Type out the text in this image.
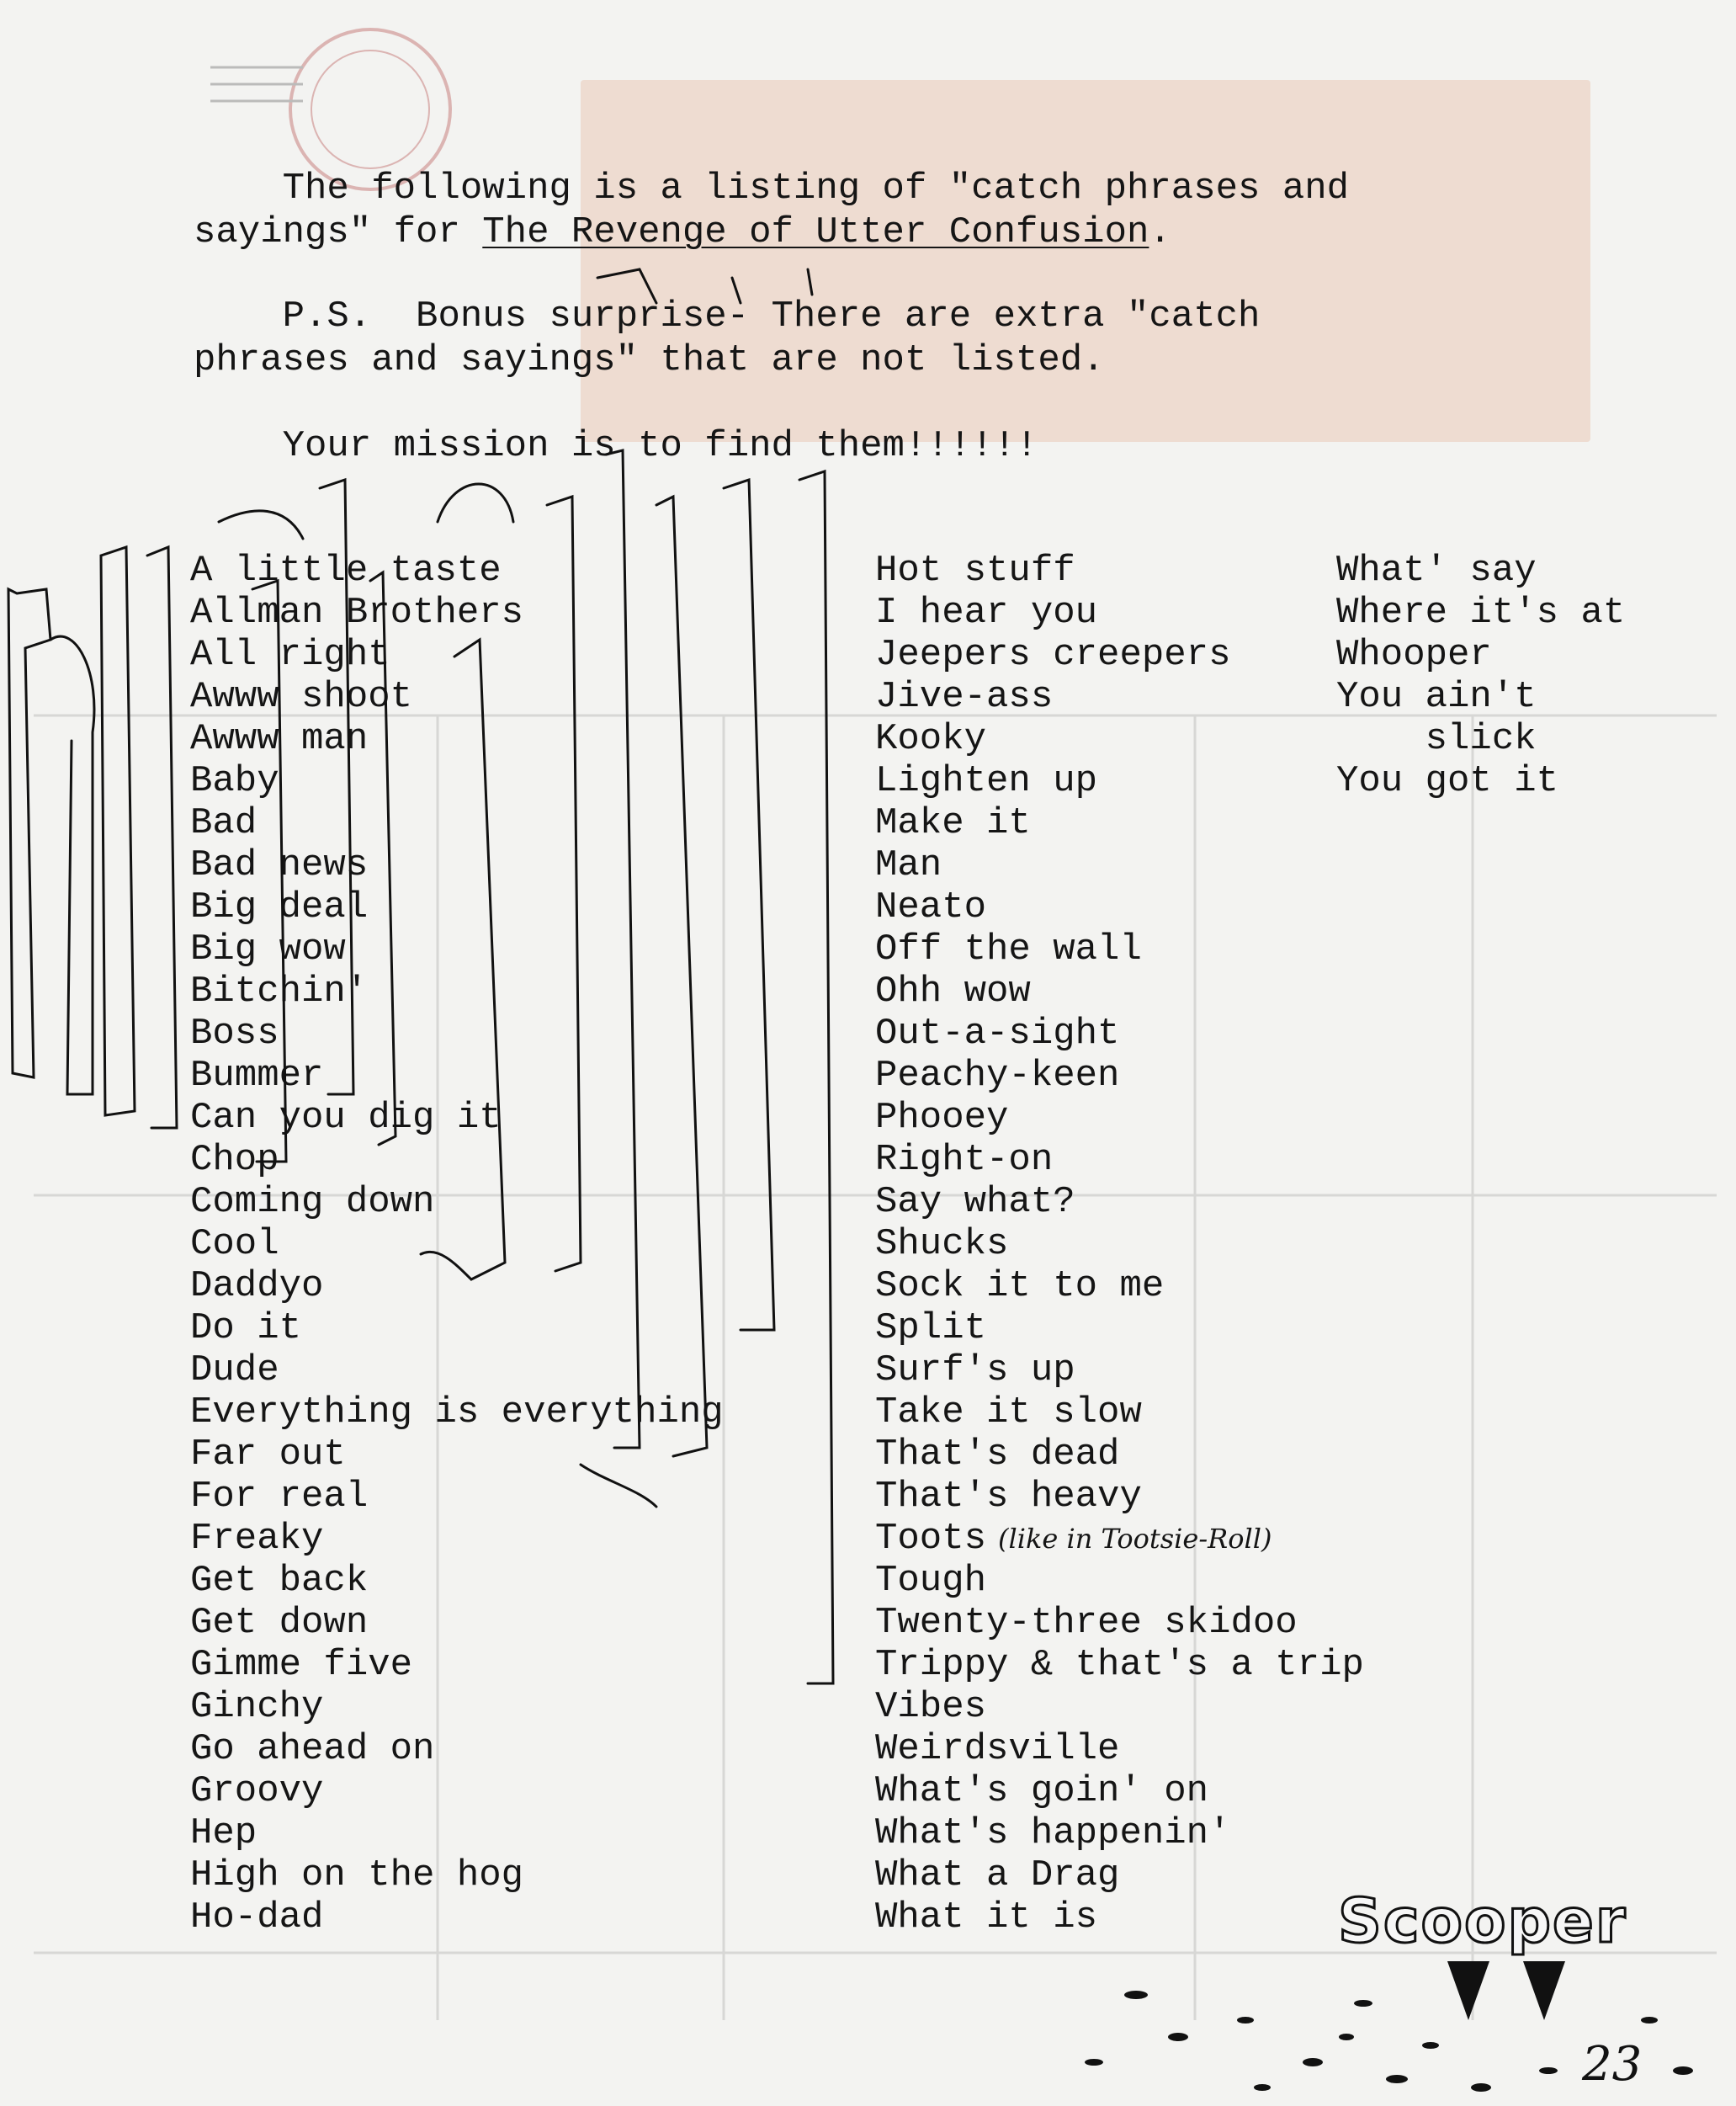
The following is a listing of "catch phrases and
sayings" for The Revenge of Utter Confusion.
P.S.  Bonus surprise- There are extra "catch
phrases and sayings" that are not listed.
Your mission is to find them!!!!!!
A little taste
Allman Brothers
All right
Awww shoot
Awww man
Baby
Bad
Bad news
Big deal
Big wow
Bitchin'
Boss
Bummer
Can you dig it
Chop
Coming down
Cool
Daddyo
Do it
Dude
Everything is everything
Far out
For real
Freaky
Get back
Get down
Gimme five
Ginchy
Go ahead on
Groovy
Hep
High on the hog
Ho-dad
Hot stuff
I hear you
Jeepers creepers
Jive-ass
Kooky
Lighten up
Make it
Man
Neato
Off the wall
Ohh wow
Out-a-sight
Peachy-keen
Phooey
Right-on
Say what?
Shucks
Sock it to me
Split
Surf's up
Take it slow
That's dead
That's heavy
Toots (like in Tootsie-Roll)
Tough
Twenty-three skidoo
Trippy & that's a trip
Vibes
Weirdsville
What's goin' on
What's happenin'
What a Drag
What it is
What' say
Where it's at
Whooper
You ain't
slick
You got it
Scooper
23
